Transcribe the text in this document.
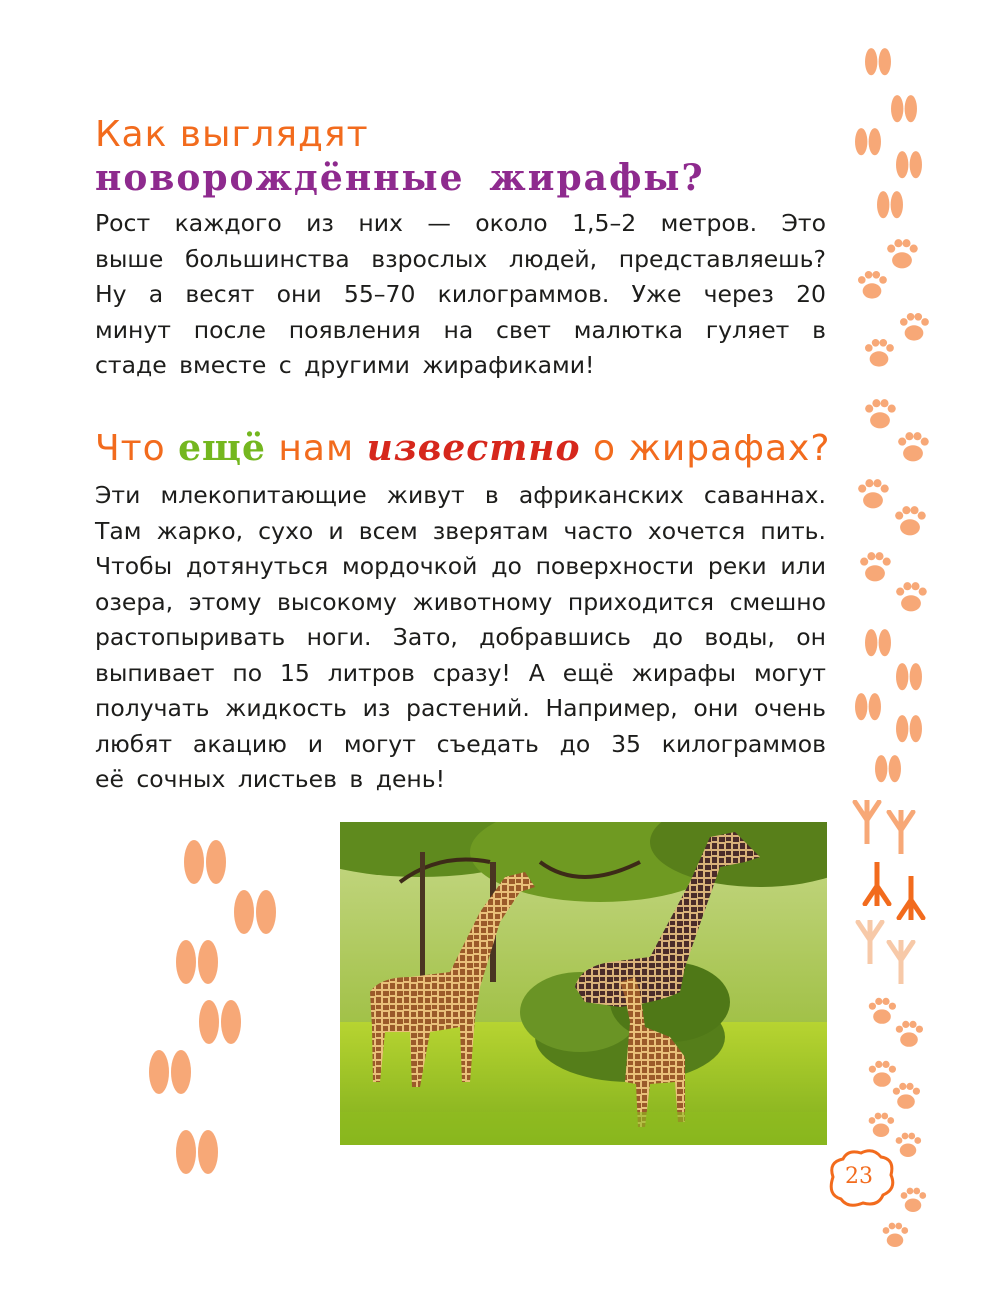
Как выглядят
новорождённые жирафы?
Рост каждого из них — около 1,5–2 метров. Это
выше большинства взрослых людей, представляешь?
Ну а весят они 55–70 килограммов. Уже через 20
минут после появления на свет малютка гуляет в
стаде вместе с другими жирафиками!
Что ещё нам известно о жирафах?
Эти млекопитающие живут в африканских саваннах.
Там жарко, сухо и всем зверятам часто хочется пить.
Чтобы дотянуться мордочкой до поверхности реки или
озера, этому высокому животному приходится смешно
растопыривать ноги. Зато, добравшись до воды, он
выпивает по 15 литров сразу! А ещё жирафы могут
получать жидкость из растений. Например, они очень
любят акацию и могут съедать до 35 килограммов
её сочных листьев в день!
23
